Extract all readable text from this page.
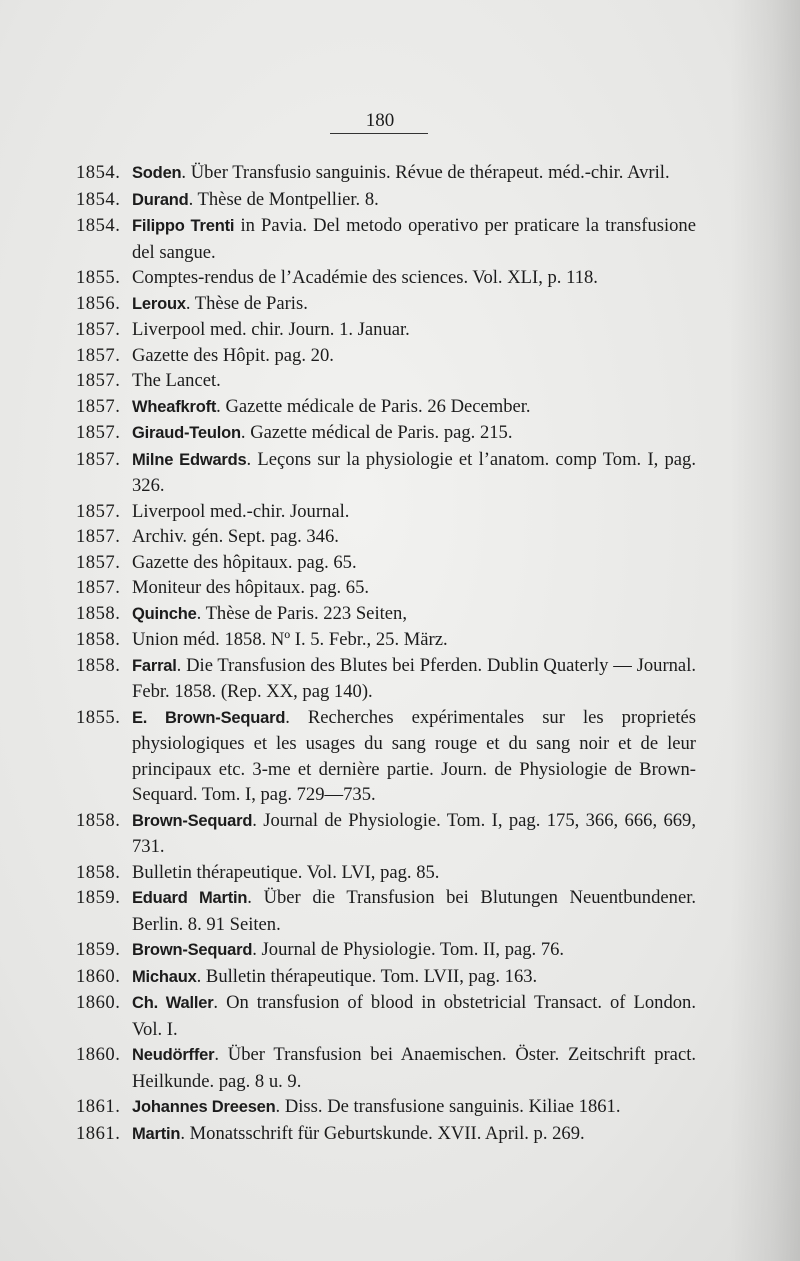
180
1854. Soden. Über Transfusio sanguinis. Révue de thérapeut. méd.-chir. Avril.
1854. Durand. Thèse de Montpellier. 8.
1854. Filippo Trenti in Pavia. Del metodo operativo per praticare la transfusione del sangue.
1855. Comptes-rendus de l’Académie des sciences. Vol. XLI, p. 118.
1856. Leroux. Thèse de Paris.
1857. Liverpool med. chir. Journ. 1. Januar.
1857. Gazette des Hôpit. pag. 20.
1857. The Lancet.
1857. Wheafkroft. Gazette médicale de Paris. 26 December.
1857. Giraud-Teulon. Gazette médical de Paris. pag. 215.
1857. Milne Edwards. Leçons sur la physiologie et l’anatom. comp Tom. I, pag. 326.
1857. Liverpool med.-chir. Journal.
1857. Archiv. gén. Sept. pag. 346.
1857. Gazette des hôpitaux. pag. 65.
1857. Moniteur des hôpitaux. pag. 65.
1858. Quinche. Thèse de Paris. 223 Seiten,
1858. Union méd. 1858. Nº I. 5. Febr., 25. März.
1858. Farral. Die Transfusion des Blutes bei Pferden. Dublin Quaterly — Journal. Febr. 1858. (Rep. XX, pag 140).
1855. E. Brown-Sequard. Recherches expérimentales sur les proprietés physiologiques et les usages du sang rouge et du sang noir et de leur principaux etc. 3-me et dernière partie. Journ. de Physiologie de Brown-Sequard. Tom. I, pag. 729—735.
1858. Brown-Sequard. Journal de Physiologie. Tom. I, pag. 175, 366, 666, 669, 731.
1858. Bulletin thérapeutique. Vol. LVI, pag. 85.
1859. Eduard Martin. Über die Transfusion bei Blutungen Neuentbundener. Berlin. 8. 91 Seiten.
1859. Brown-Sequard. Journal de Physiologie. Tom. II, pag. 76.
1860. Michaux. Bulletin thérapeutique. Tom. LVII, pag. 163.
1860. Ch. Waller. On transfusion of blood in obstetricial Transact. of London. Vol. I.
1860. Neudörffer. Über Transfusion bei Anaemischen. Öster. Zeitschrift pract. Heilkunde. pag. 8 u. 9.
1861. Johannes Dreesen. Diss. De transfusione sanguinis. Kiliae 1861.
1861. Martin. Monatsschrift für Geburtskunde. XVII. April. p. 269.
